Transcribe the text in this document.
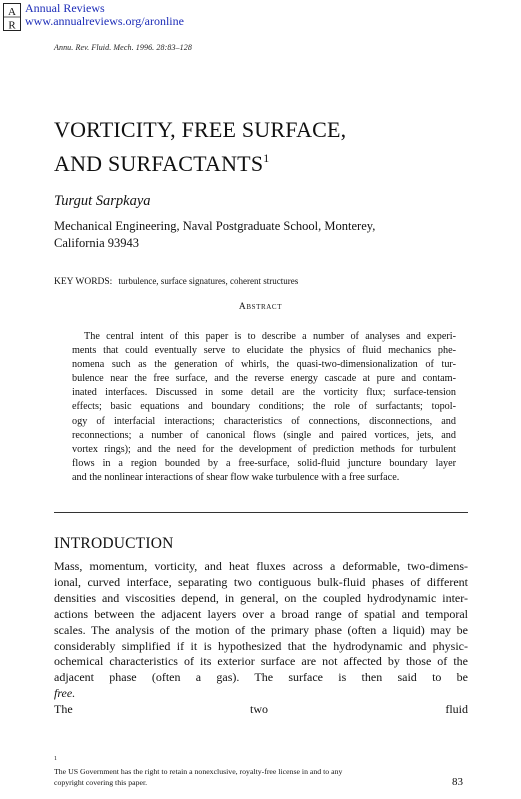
A
R
Annual Reviews
www.annualreviews.org/aronline
Annu. Rev. Fluid. Mech. 1996. 28:83–128
VORTICITY, FREE SURFACE,
AND SURFACTANTS$^1$
Turgut Sarpkaya
Mechanical Engineering, Naval Postgraduate School, Monterey,
California 93943
KEY WORDS: turbulence, surface signatures, coherent structures
Abstract
The central intent of this paper is to describe a number of analyses and experi-
ments that could eventually serve to elucidate the physics of fluid mechanics phe-
nomena such as the generation of whirls, the quasi-two-dimensionalization of tur-
bulence near the free surface, and the reverse energy cascade at pure and contam-
inated interfaces. Discussed in some detail are the vorticity flux; surface-tension
effects; basic equations and boundary conditions; the role of surfactants; topol-
ogy of interfacial interactions; characteristics of connections, disconnections, and
reconnections; a number of canonical flows (single and paired vortices, jets, and
vortex rings); and the need for the development of prediction methods for turbulent
flows in a region bounded by a free-surface, solid-fluid juncture boundary layer
and the nonlinear interactions of shear flow wake turbulence with a free surface.
INTRODUCTION
Mass, momentum, vorticity, and heat fluxes across a deformable, two-dimens-
ional, curved interface, separating two contiguous bulk-fluid phases of different
densities and viscosities depend, in general, on the coupled hydrodynamic inter-
actions between the adjacent layers over a broad range of spatial and temporal
scales. The analysis of the motion of the primary phase (often a liquid) may be
considerably simplified if it is hypothesized that the hydrodynamic and physic-
ochemical characteristics of its exterior surface are not affected by those of the
adjacent phase (often a gas). The surface is then said to be
free.
The two fluid
$^1$
The US Government has the right to retain a nonexclusive, royalty-free license in and to any
copyright covering this paper.	83
